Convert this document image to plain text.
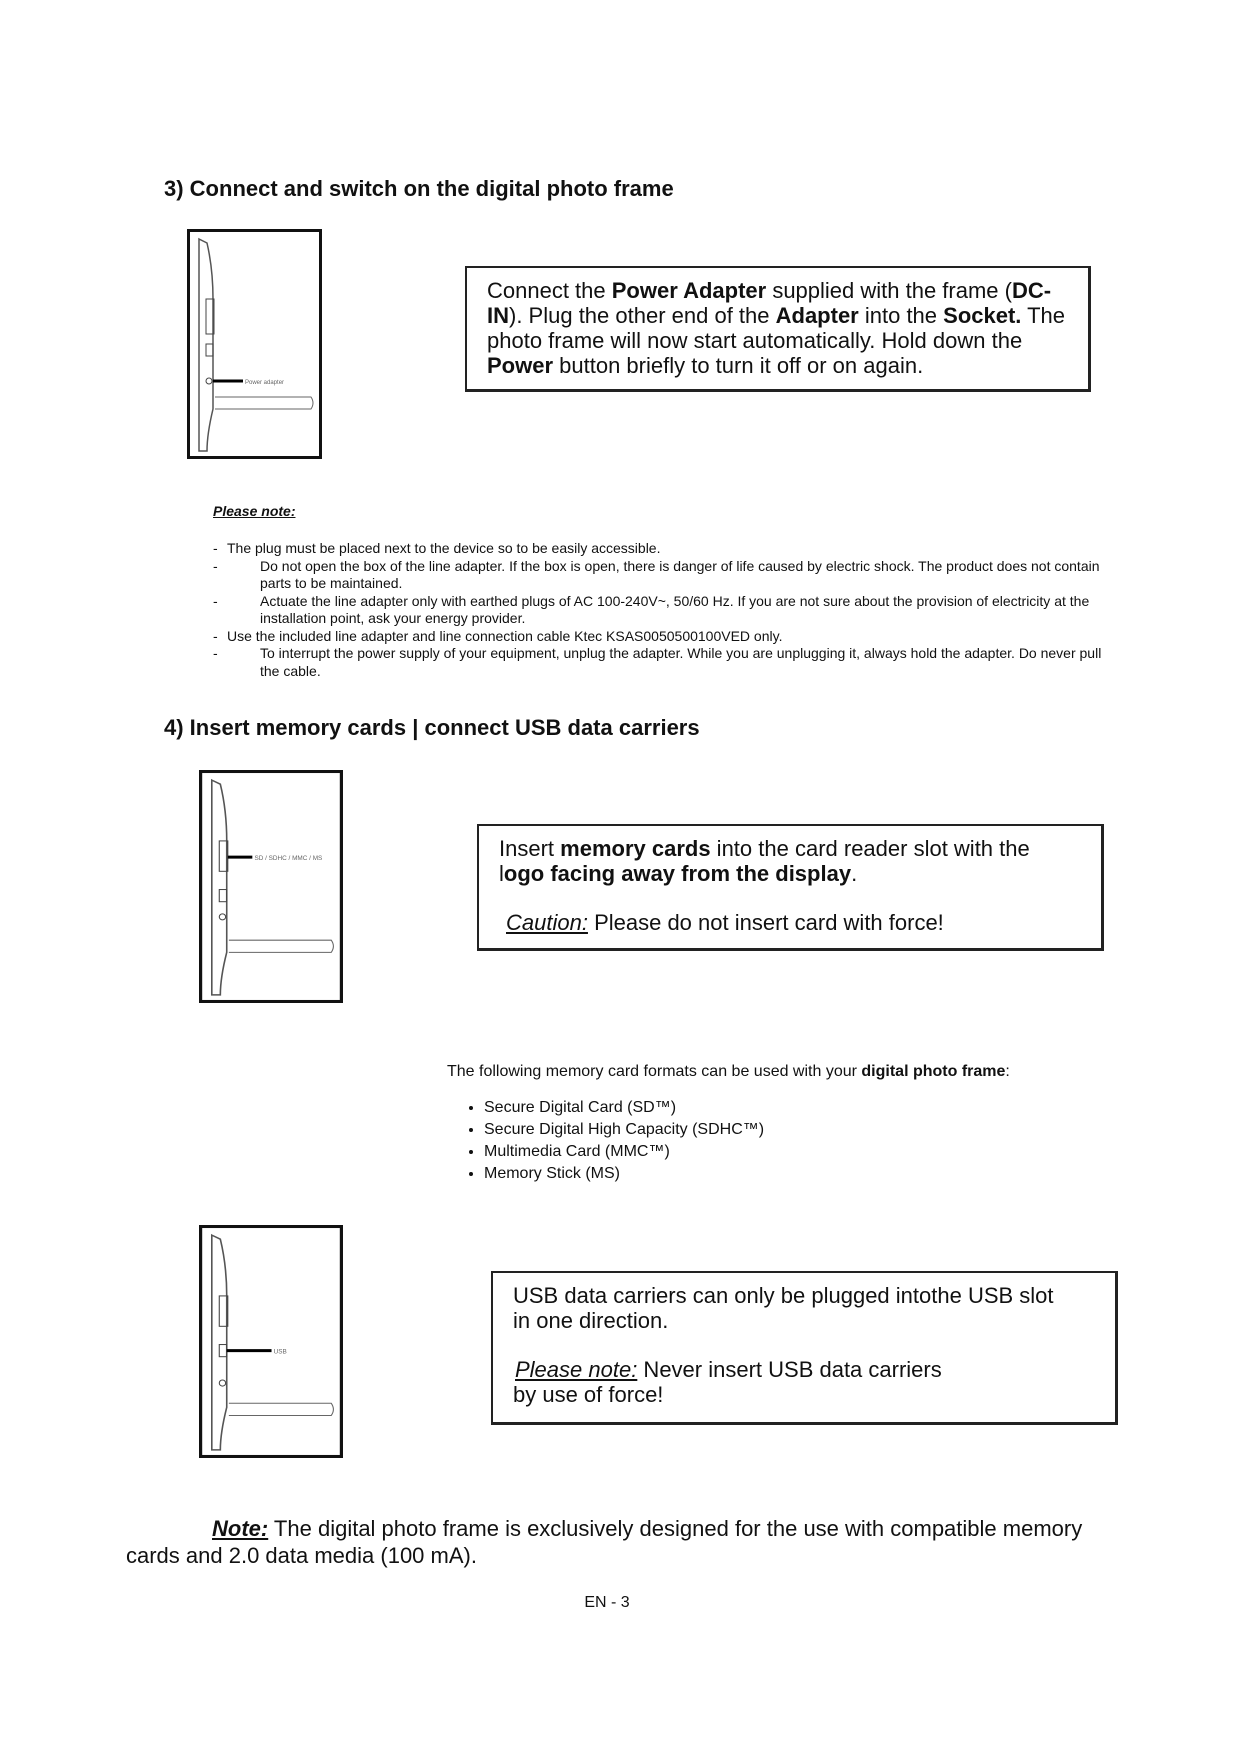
3) Connect and switch on the digital photo frame
Power adapter
Connect the Power Adapter supplied with the frame (DC-IN). Plug the other end of the Adapter into the Socket. The photo frame will now start automatically. Hold down the Power button briefly to turn it off or on again.
Please note:
- The plug must be placed next to the device so to be easily accessible.
-	Do not open the box of the line adapter. If the box is open, there is danger of life caused by electric shock. The product does not contain parts to be maintained.
-	Actuate the line adapter only with earthed plugs of AC 100-240V~, 50/60 Hz. If you are not sure about the provision of electricity at the installation point, ask your energy provider.
- Use the included line adapter and line connection cable Ktec KSAS0050500100VED only.
-	To interrupt the power supply of your equipment, unplug the adapter. While you are unplugging it, always hold the adapter. Do never pull the cable.
4) Insert memory cards | connect USB data carriers
SD / SDHC / MMC / MS	Insert memory cards into the card reader slot with the logo facing away from the display.
Caution: Please do not insert card with force!
The following memory card formats can be used with your digital photo frame:
• Secure Digital Card (SD™)
• Secure Digital High Capacity (SDHC™)
• Multimedia Card (MMC™)
• Memory Stick (MS)
USB
USB data carriers can only be plugged intothe USB slot in one direction.
Please note: Never insert USB data carriers by use of force!
Note: The digital photo frame is exclusively designed for the use with compatible memory cards and 2.0 data media (100 mA).
EN - 3
